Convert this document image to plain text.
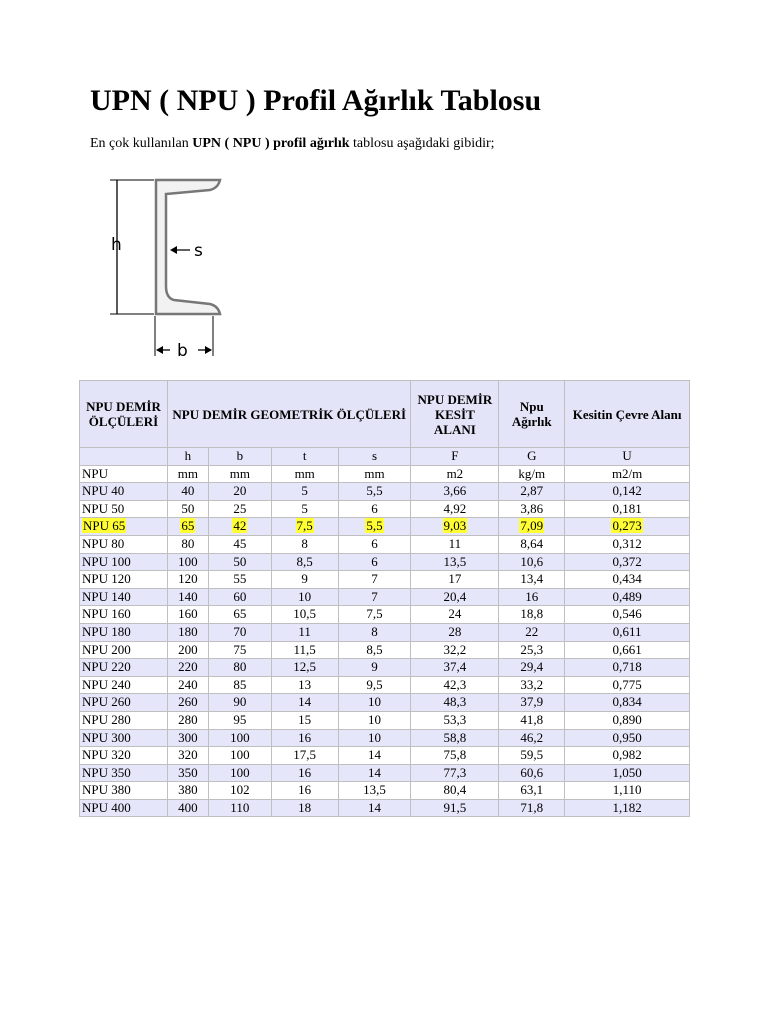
UPN ( NPU ) Profil Ağırlık Tablosu
En çok kullanılan UPN ( NPU ) profil ağırlık tablosu aşağıdaki gibidir;
h	s
b
NPU DEMİR ÖLÇÜLERİ	NPU DEMİR GEOMETRİK ÖLÇÜLERİ				NPU DEMİR KESİT ALANI	Npu Ağırlık	Kesitin Çevre Alanı
	h	b	t	s	F	G	U
NPU	mm	mm	mm	mm	m2	kg/m	m2/m
NPU 40	40	20	5	5,5	3,66	2,87	0,142
NPU 50	50	25	5	6	4,92	3,86	0,181
NPU 65	65	42	7,5	5,5	9,03	7,09	0,273
NPU 80	80	45	8	6	11	8,64	0,312
NPU 100	100	50	8,5	6	13,5	10,6	0,372
NPU 120	120	55	9	7	17	13,4	0,434
NPU 140	140	60	10	7	20,4	16	0,489
NPU 160	160	65	10,5	7,5	24	18,8	0,546
NPU 180	180	70	11	8	28	22	0,611
NPU 200	200	75	11,5	8,5	32,2	25,3	0,661
NPU 220	220	80	12,5	9	37,4	29,4	0,718
NPU 240	240	85	13	9,5	42,3	33,2	0,775
NPU 260	260	90	14	10	48,3	37,9	0,834
NPU 280	280	95	15	10	53,3	41,8	0,890
NPU 300	300	100	16	10	58,8	46,2	0,950
NPU 320	320	100	17,5	14	75,8	59,5	0,982
NPU 350	350	100	16	14	77,3	60,6	1,050
NPU 380	380	102	16	13,5	80,4	63,1	1,110
NPU 400	400	110	18	14	91,5	71,8	1,182
